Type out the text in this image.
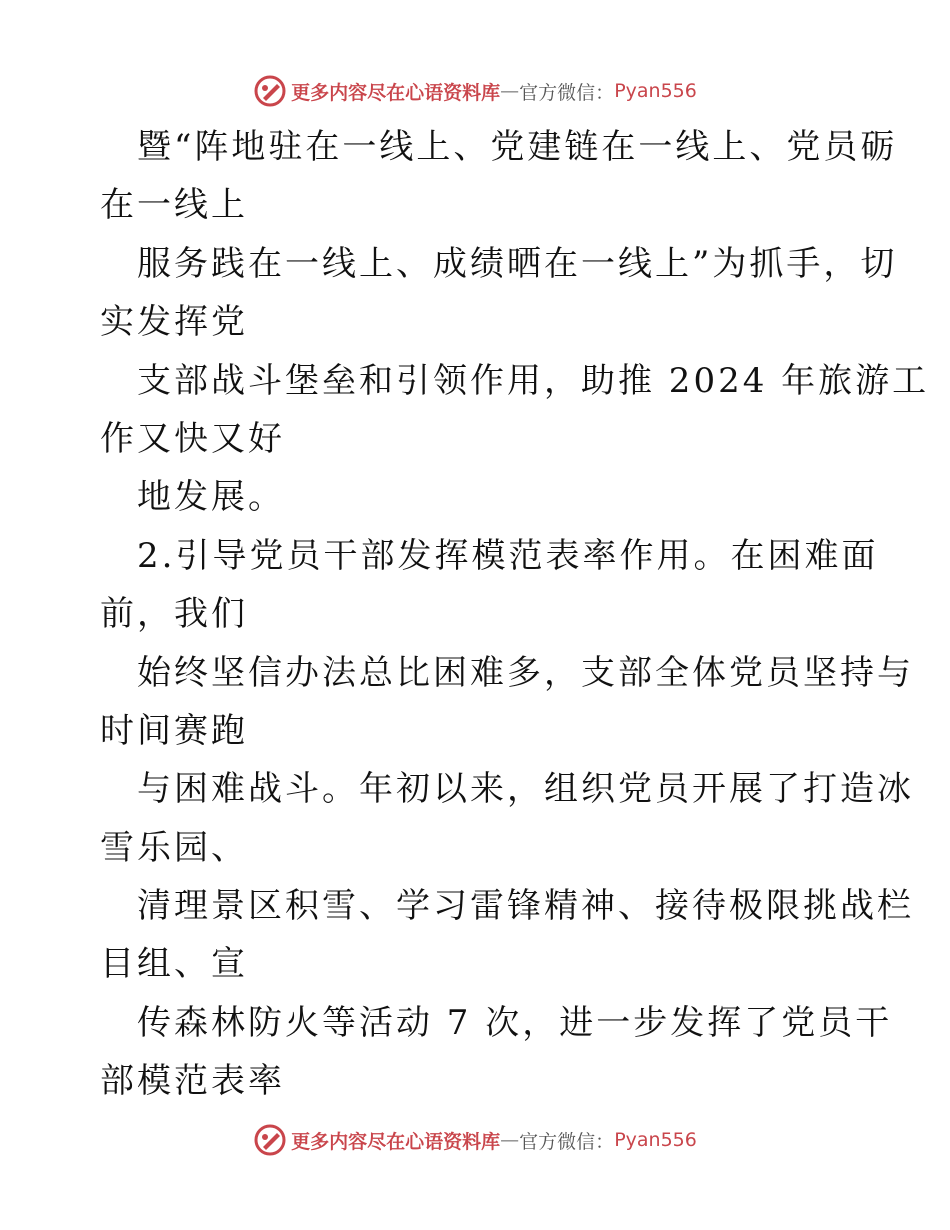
更多内容尽在心语资料库 — 官方微信： Pyan556
暨“阵地驻在一线上、党建链在一线上、党员砺
在一线上
服务践在一线上、成绩晒在一线上”为抓手，切
实发挥党
支部战斗堡垒和引领作用，助推 2024 年旅游工
作又快又好
地发展。
2.引导党员干部发挥模范表率作用。在困难面
前，我们
始终坚信办法总比困难多，支部全体党员坚持与
时间赛跑
与困难战斗。年初以来，组织党员开展了打造冰
雪乐园、
清理景区积雪、学习雷锋精神、接待极限挑战栏
目组、宣
传森林防火等活动 7 次，进一步发挥了党员干
部模范表率
更多内容尽在心语资料库 — 官方微信： Pyan556
